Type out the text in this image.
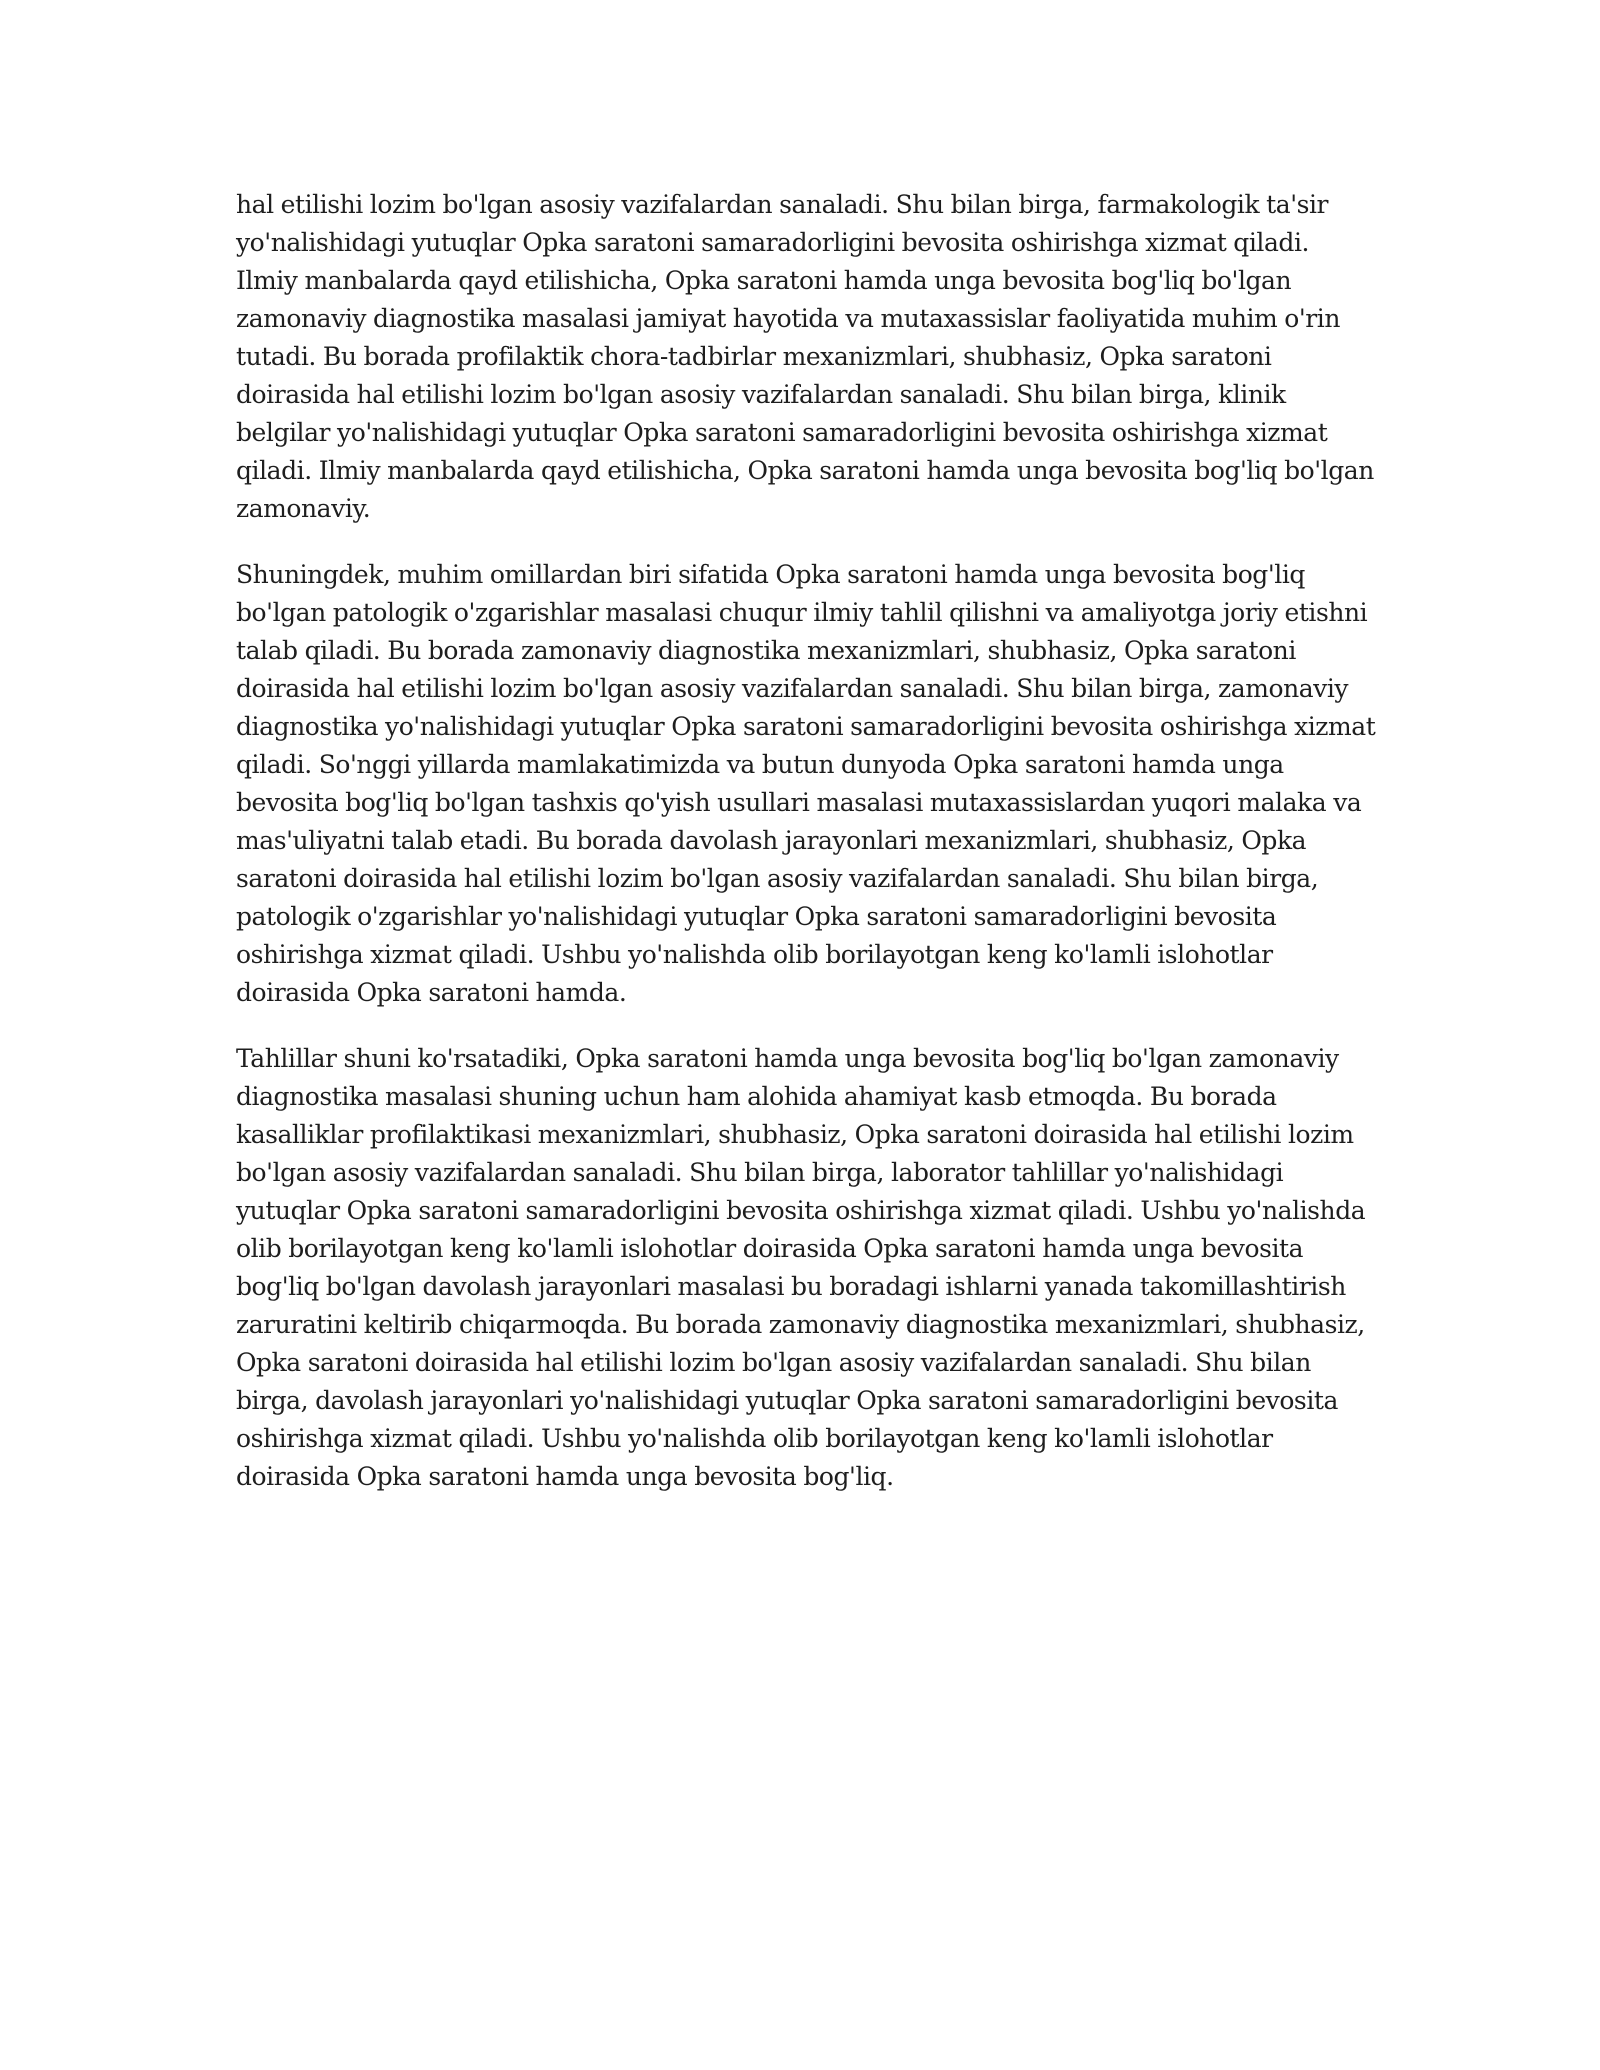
hal etilishi lozim bo'lgan asosiy vazifalardan sanaladi. Shu bilan birga, farmakologik ta'sir yo'nalishidagi yutuqlar Opka saratoni samaradorligini bevosita oshirishga xizmat qiladi. Ilmiy manbalarda qayd etilishicha, Opka saratoni hamda unga bevosita bog'liq bo'lgan zamonaviy diagnostika masalasi jamiyat hayotida va mutaxassislar faoliyatida muhim o'rin tutadi. Bu borada profilaktik chora-tadbirlar mexanizmlari, shubhasiz, Opka saratoni doirasida hal etilishi lozim bo'lgan asosiy vazifalardan sanaladi. Shu bilan birga, klinik belgilar yo'nalishidagi yutuqlar Opka saratoni samaradorligini bevosita oshirishga xizmat qiladi. Ilmiy manbalarda qayd etilishicha, Opka saratoni hamda unga bevosita bog'liq bo'lgan zamonaviy.

Shuningdek, muhim omillardan biri sifatida Opka saratoni hamda unga bevosita bog'liq bo'lgan patologik o'zgarishlar masalasi chuqur ilmiy tahlil qilishni va amaliyotga joriy etishni talab qiladi. Bu borada zamonaviy diagnostika mexanizmlari, shubhasiz, Opka saratoni doirasida hal etilishi lozim bo'lgan asosiy vazifalardan sanaladi. Shu bilan birga, zamonaviy diagnostika yo'nalishidagi yutuqlar Opka saratoni samaradorligini bevosita oshirishga xizmat qiladi. So'nggi yillarda mamlakatimizda va butun dunyoda Opka saratoni hamda unga bevosita bog'liq bo'lgan tashxis qo'yish usullari masalasi mutaxassislardan yuqori malaka va mas'uliyatni talab etadi. Bu borada davolash jarayonlari mexanizmlari, shubhasiz, Opka saratoni doirasida hal etilishi lozim bo'lgan asosiy vazifalardan sanaladi. Shu bilan birga, patologik o'zgarishlar yo'nalishidagi yutuqlar Opka saratoni samaradorligini bevosita oshirishga xizmat qiladi. Ushbu yo'nalishda olib borilayotgan keng ko'lamli islohotlar doirasida Opka saratoni hamda.

Tahlillar shuni ko'rsatadiki, Opka saratoni hamda unga bevosita bog'liq bo'lgan zamonaviy diagnostika masalasi shuning uchun ham alohida ahamiyat kasb etmoqda. Bu borada kasalliklar profilaktikasi mexanizmlari, shubhasiz, Opka saratoni doirasida hal etilishi lozim bo'lgan asosiy vazifalardan sanaladi. Shu bilan birga, laborator tahlillar yo'nalishidagi yutuqlar Opka saratoni samaradorligini bevosita oshirishga xizmat qiladi. Ushbu yo'nalishda olib borilayotgan keng ko'lamli islohotlar doirasida Opka saratoni hamda unga bevosita bog'liq bo'lgan davolash jarayonlari masalasi bu boradagi ishlarni yanada takomillashtirish zaruratini keltirib chiqarmoqda. Bu borada zamonaviy diagnostika mexanizmlari, shubhasiz, Opka saratoni doirasida hal etilishi lozim bo'lgan asosiy vazifalardan sanaladi. Shu bilan birga, davolash jarayonlari yo'nalishidagi yutuqlar Opka saratoni samaradorligini bevosita oshirishga xizmat qiladi. Ushbu yo'nalishda olib borilayotgan keng ko'lamli islohotlar doirasida Opka saratoni hamda unga bevosita bog'liq.
